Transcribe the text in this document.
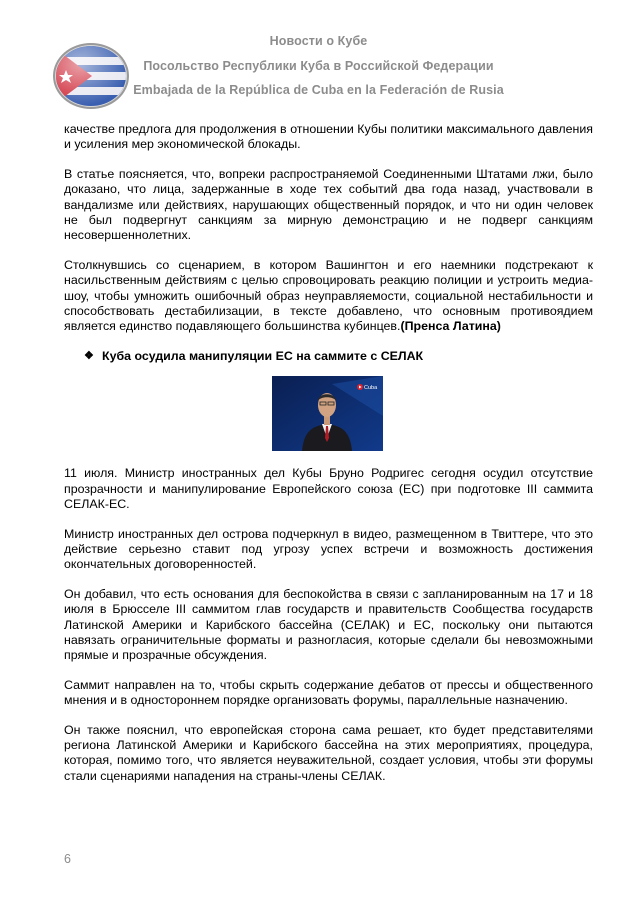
Новости о Кубе
Посольство Республики Куба в Российской Федерации
Embajada de la República de Cuba en la Federación de Rusia

качестве предлога для продолжения в отношении Кубы политики максимального давления и усиления мер экономической блокады.

В статье поясняется, что, вопреки распространяемой Соединенными Штатами лжи, было доказано, что лица, задержанные в ходе тех событий два года назад, участвовали в вандализме или действиях, нарушающих общественный порядок, и что ни один человек не был подвергнут санкциям за мирную демонстрацию и не подверг санкциям несовершеннолетних.

Столкнувшись со сценарием, в котором Вашингтон и его наемники подстрекают к насильственным действиям с целью спровоцировать реакцию полиции и устроить медиа-шоу, чтобы умножить ошибочный образ неуправляемости, социальной нестабильности и способствовать дестабилизации, в тексте добавлено, что основным противоядием является единство подавляющего большинства кубинцев.(Пренса Латина)

❖ Куба осудила манипуляции ЕС на саммите с СЕЛАК
Cuba

11 июля. Министр иностранных дел Кубы Бруно Родригес сегодня осудил отсутствие прозрачности и манипулирование Европейского союза (ЕС) при подготовке III саммита СЕЛАК-ЕС.

Министр иностранных дел острова подчеркнул в видео, размещенном в Твиттере, что это действие серьезно ставит под угрозу успех встречи и возможность достижения окончательных договоренностей.

Он добавил, что есть основания для беспокойства в связи с запланированным на 17 и 18 июля в Брюсселе III саммитом глав государств и правительств Сообщества государств Латинской Америки и Карибского бассейна (СЕЛАК) и ЕС, поскольку они пытаются навязать ограничительные форматы и разногласия, которые сделали бы невозможными прямые и прозрачные обсуждения.

Саммит направлен на то, чтобы скрыть содержание дебатов от прессы и общественного мнения и в одностороннем порядке организовать форумы, параллельные назначению.

Он также пояснил, что европейская сторона сама решает, кто будет представителями региона Латинской Америки и Карибского бассейна на этих мероприятиях, процедура, которая, помимо того, что является неуважительной, создает условия, чтобы эти форумы стали сценариями нападения на страны-члены СЕЛАК.

6
